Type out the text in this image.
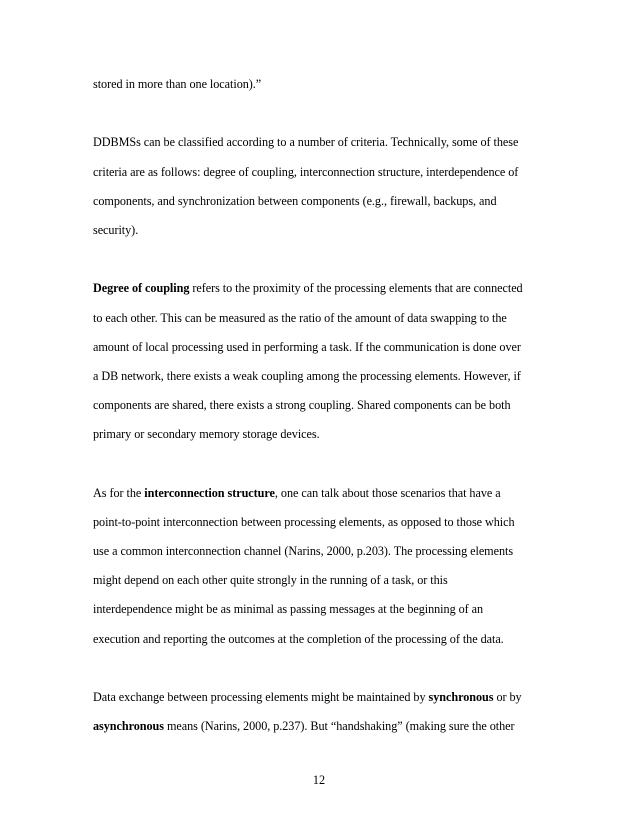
stored in more than one location).”

DDBMSs can be classified according to a number of criteria. Technically, some of these
criteria are as follows: degree of coupling, interconnection structure, interdependence of
components, and synchronization between components (e.g., firewall, backups, and
security).

Degree of coupling refers to the proximity of the processing elements that are connected
to each other. This can be measured as the ratio of the amount of data swapping to the
amount of local processing used in performing a task. If the communication is done over
a DB network, there exists a weak coupling among the processing elements. However, if
components are shared, there exists a strong coupling. Shared components can be both
primary or secondary memory storage devices.

As for the interconnection structure, one can talk about those scenarios that have a
point-to-point interconnection between processing elements, as opposed to those which
use a common interconnection channel (Narins, 2000, p.203). The processing elements
might depend on each other quite strongly in the running of a task, or this
interdependence might be as minimal as passing messages at the beginning of an
execution and reporting the outcomes at the completion of the processing of the data.

Data exchange between processing elements might be maintained by synchronous or by
asynchronous means (Narins, 2000, p.237). But “handshaking” (making sure the other

12
